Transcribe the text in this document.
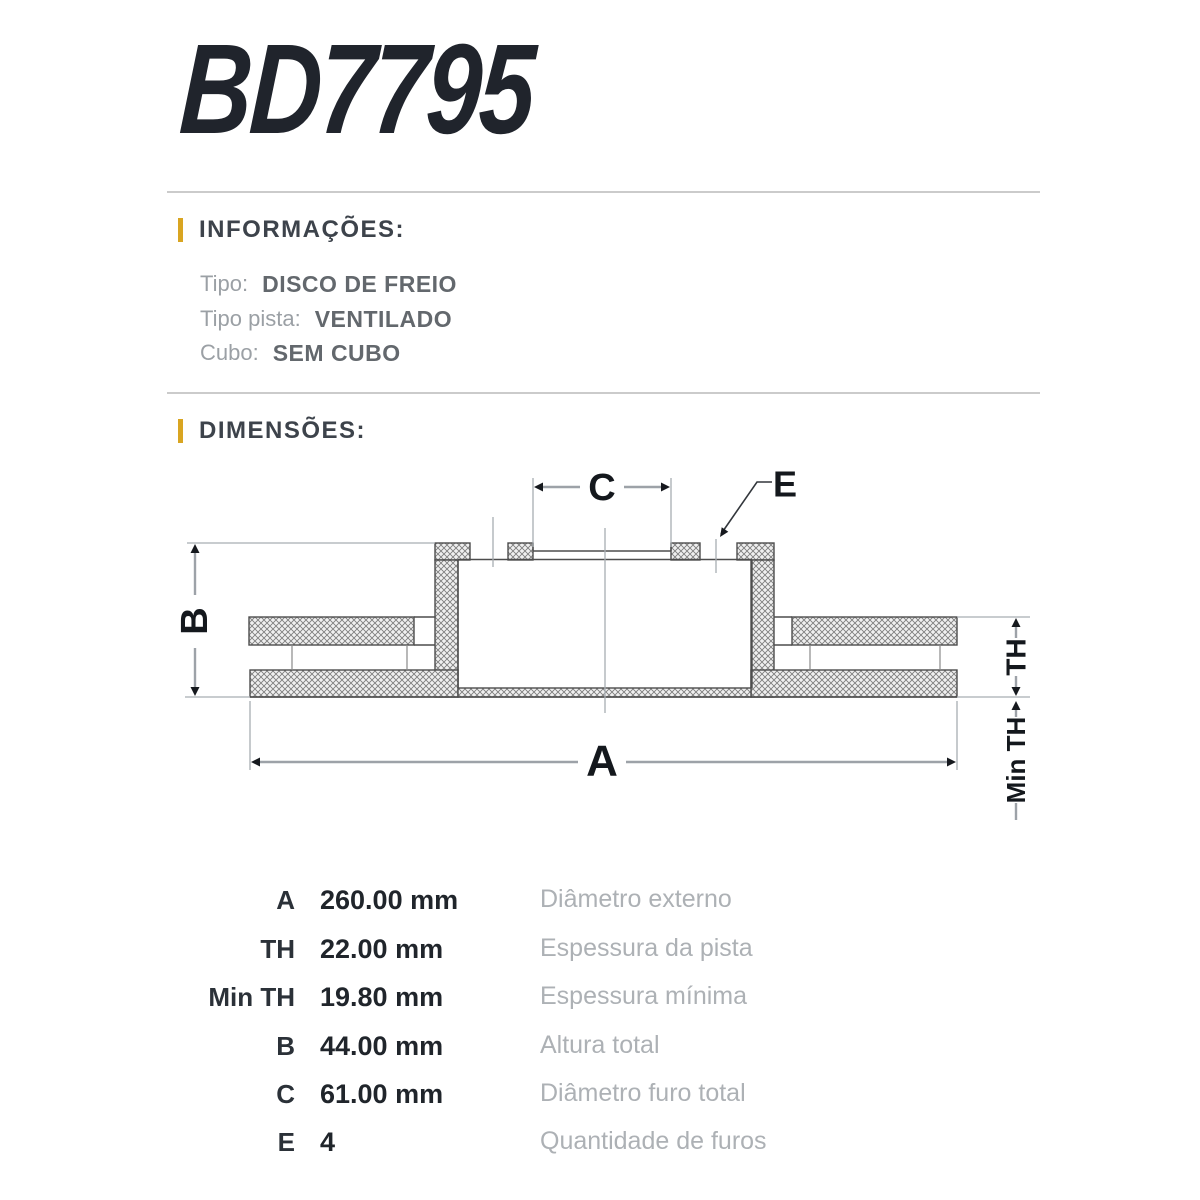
BD7795
INFORMAÇÕES:
Tipo: DISCO DE FREIO
Tipo pista: VENTILADO
Cubo: SEM CUBO
DIMENSÕES:
C	E
B
A
TH
Min TH
A 260.00 mm	Diâmetro externo
TH 22.00 mm	Espessura da pista
Min TH 19.80 mm	Espessura mínima
B 44.00 mm	Altura total
C 61.00 mm	Diâmetro furo total
E 4	Quantidade de furos
